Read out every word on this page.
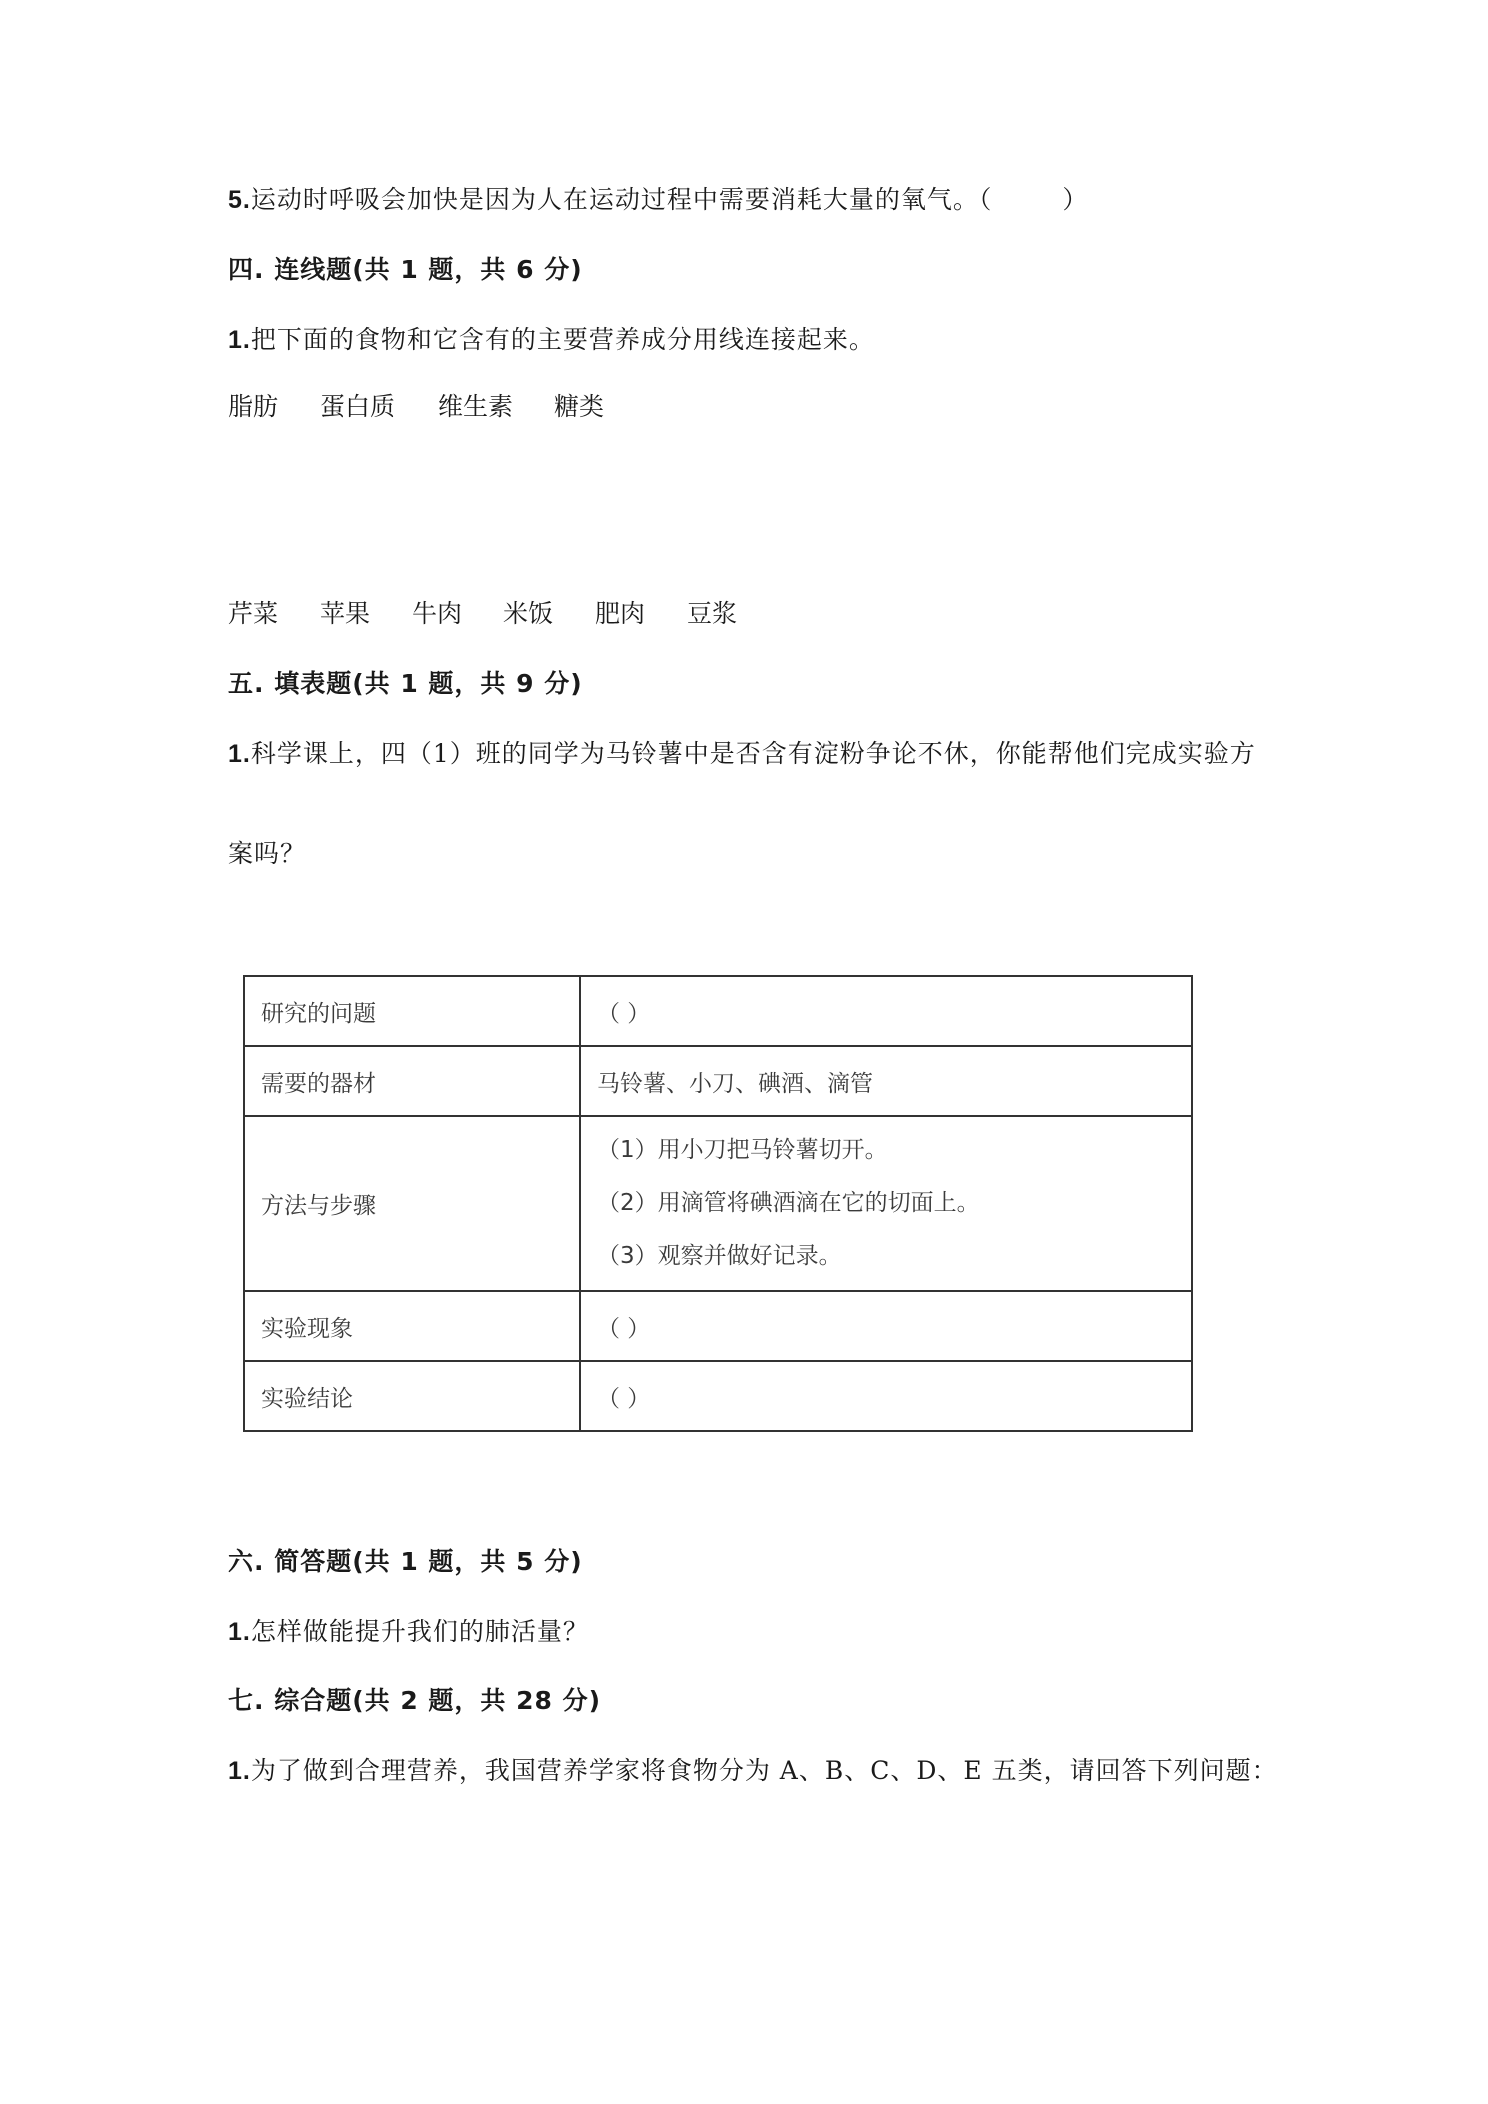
5.运动时呼吸会加快是因为人在运动过程中需要消耗大量的氧气。（	）
四. 连线题(共 1 题，共 6 分)
1.把下面的食物和它含有的主要营养成分用线连接起来。
脂肪 蛋白质 维生素 糖类
芹菜 苹果 牛肉 米饭 肥肉 豆浆
五. 填表题(共 1 题，共 9 分)
1.科学课上，四（1）班的同学为马铃薯中是否含有淀粉争论不休，你能帮他们完成实验方
案吗？
研究的问题	（ ）
需要的器材	马铃薯、小刀、碘酒、滴管
方法与步骤	（1）用小刀把马铃薯切开。
（2）用滴管将碘酒滴在它的切面上。
（3）观察并做好记录。

实验现象	（ ）
实验结论	（ ）
六. 简答题(共 1 题，共 5 分)
1.怎样做能提升我们的肺活量？
七. 综合题(共 2 题，共 28 分)
1.为了做到合理营养，我国营养学家将食物分为 A、B、C、D、E 五类，请回答下列问题：
